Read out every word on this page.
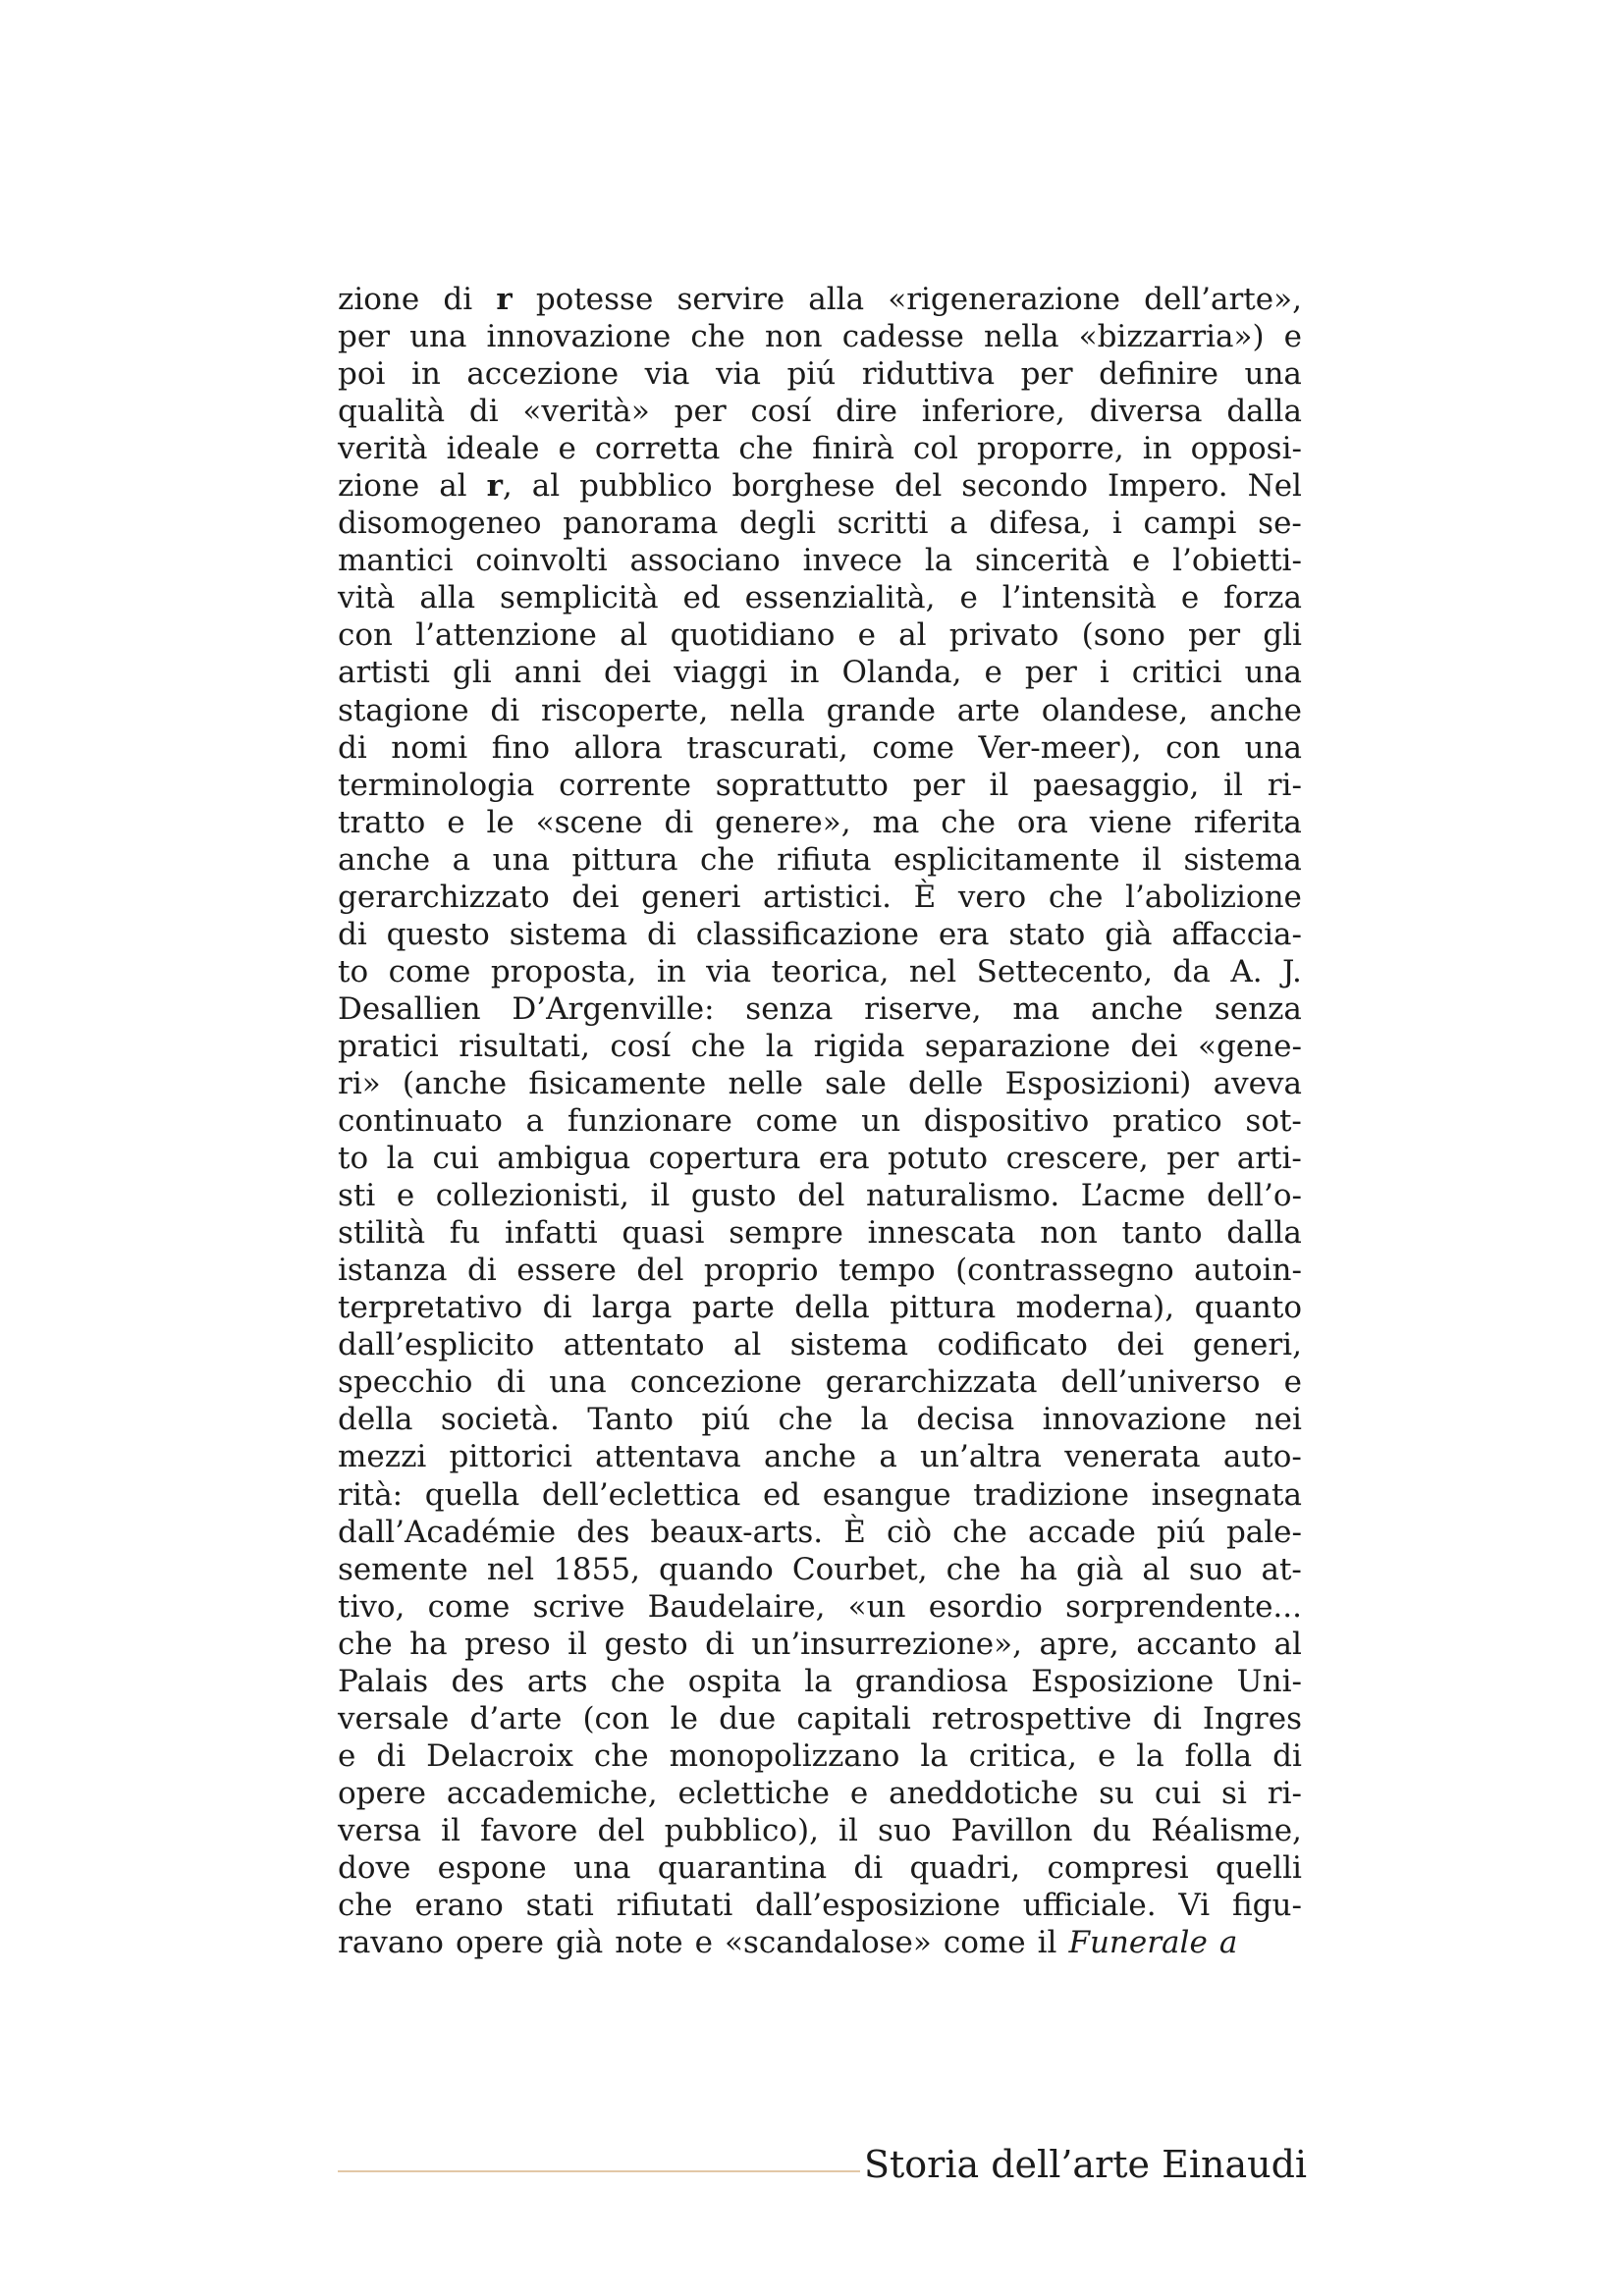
zione di r potesse servire alla «rigenerazione dell’arte»,
per una innovazione che non cadesse nella «bizzarria») e
poi in accezione via via piú riduttiva per definire una
qualità di «verità» per cosí dire inferiore, diversa dalla
verità ideale e corretta che finirà col proporre, in opposi-
zione al r, al pubblico borghese del secondo Impero. Nel
disomogeneo panorama degli scritti a difesa, i campi se-
mantici coinvolti associano invece la sincerità e l’obietti-
vità alla semplicità ed essenzialità, e l’intensità e forza
con l’attenzione al quotidiano e al privato (sono per gli
artisti gli anni dei viaggi in Olanda, e per i critici una
stagione di riscoperte, nella grande arte olandese, anche
di nomi fino allora trascurati, come Ver-meer), con una
terminologia corrente soprattutto per il paesaggio, il ri-
tratto e le «scene di genere», ma che ora viene riferita
anche a una pittura che rifiuta esplicitamente il sistema
gerarchizzato dei generi artistici. È vero che l’abolizione
di questo sistema di classificazione era stato già affaccia-
to come proposta, in via teorica, nel Settecento, da A. J.
Desallien D’Argenville: senza riserve, ma anche senza
pratici risultati, cosí che la rigida separazione dei «gene-
ri» (anche fisicamente nelle sale delle Esposizioni) aveva
continuato a funzionare come un dispositivo pratico sot-
to la cui ambigua copertura era potuto crescere, per arti-
sti e collezionisti, il gusto del naturalismo. L’acme dell’o-
stilità fu infatti quasi sempre innescata non tanto dalla
istanza di essere del proprio tempo (contrassegno autoin-
terpretativo di larga parte della pittura moderna), quanto
dall’esplicito attentato al sistema codificato dei generi,
specchio di una concezione gerarchizzata dell’universo e
della società. Tanto piú che la decisa innovazione nei
mezzi pittorici attentava anche a un’altra venerata auto-
rità: quella dell’eclettica ed esangue tradizione insegnata
dall’Académie des beaux-arts. È ciò che accade piú pale-
semente nel 1855, quando Courbet, che ha già al suo at-
tivo, come scrive Baudelaire, «un esordio sorprendente...
che ha preso il gesto di un’insurrezione», apre, accanto al
Palais des arts che ospita la grandiosa Esposizione Uni-
versale d’arte (con le due capitali retrospettive di Ingres
e di Delacroix che monopolizzano la critica, e la folla di
opere accademiche, eclettiche e aneddotiche su cui si ri-
versa il favore del pubblico), il suo Pavillon du Réalisme,
dove espone una quarantina di quadri, compresi quelli
che erano stati rifiutati dall’esposizione ufficiale. Vi figu-
ravano opere già note e «scandalose» come il Funerale a
Storia dell’arte Einaudi
